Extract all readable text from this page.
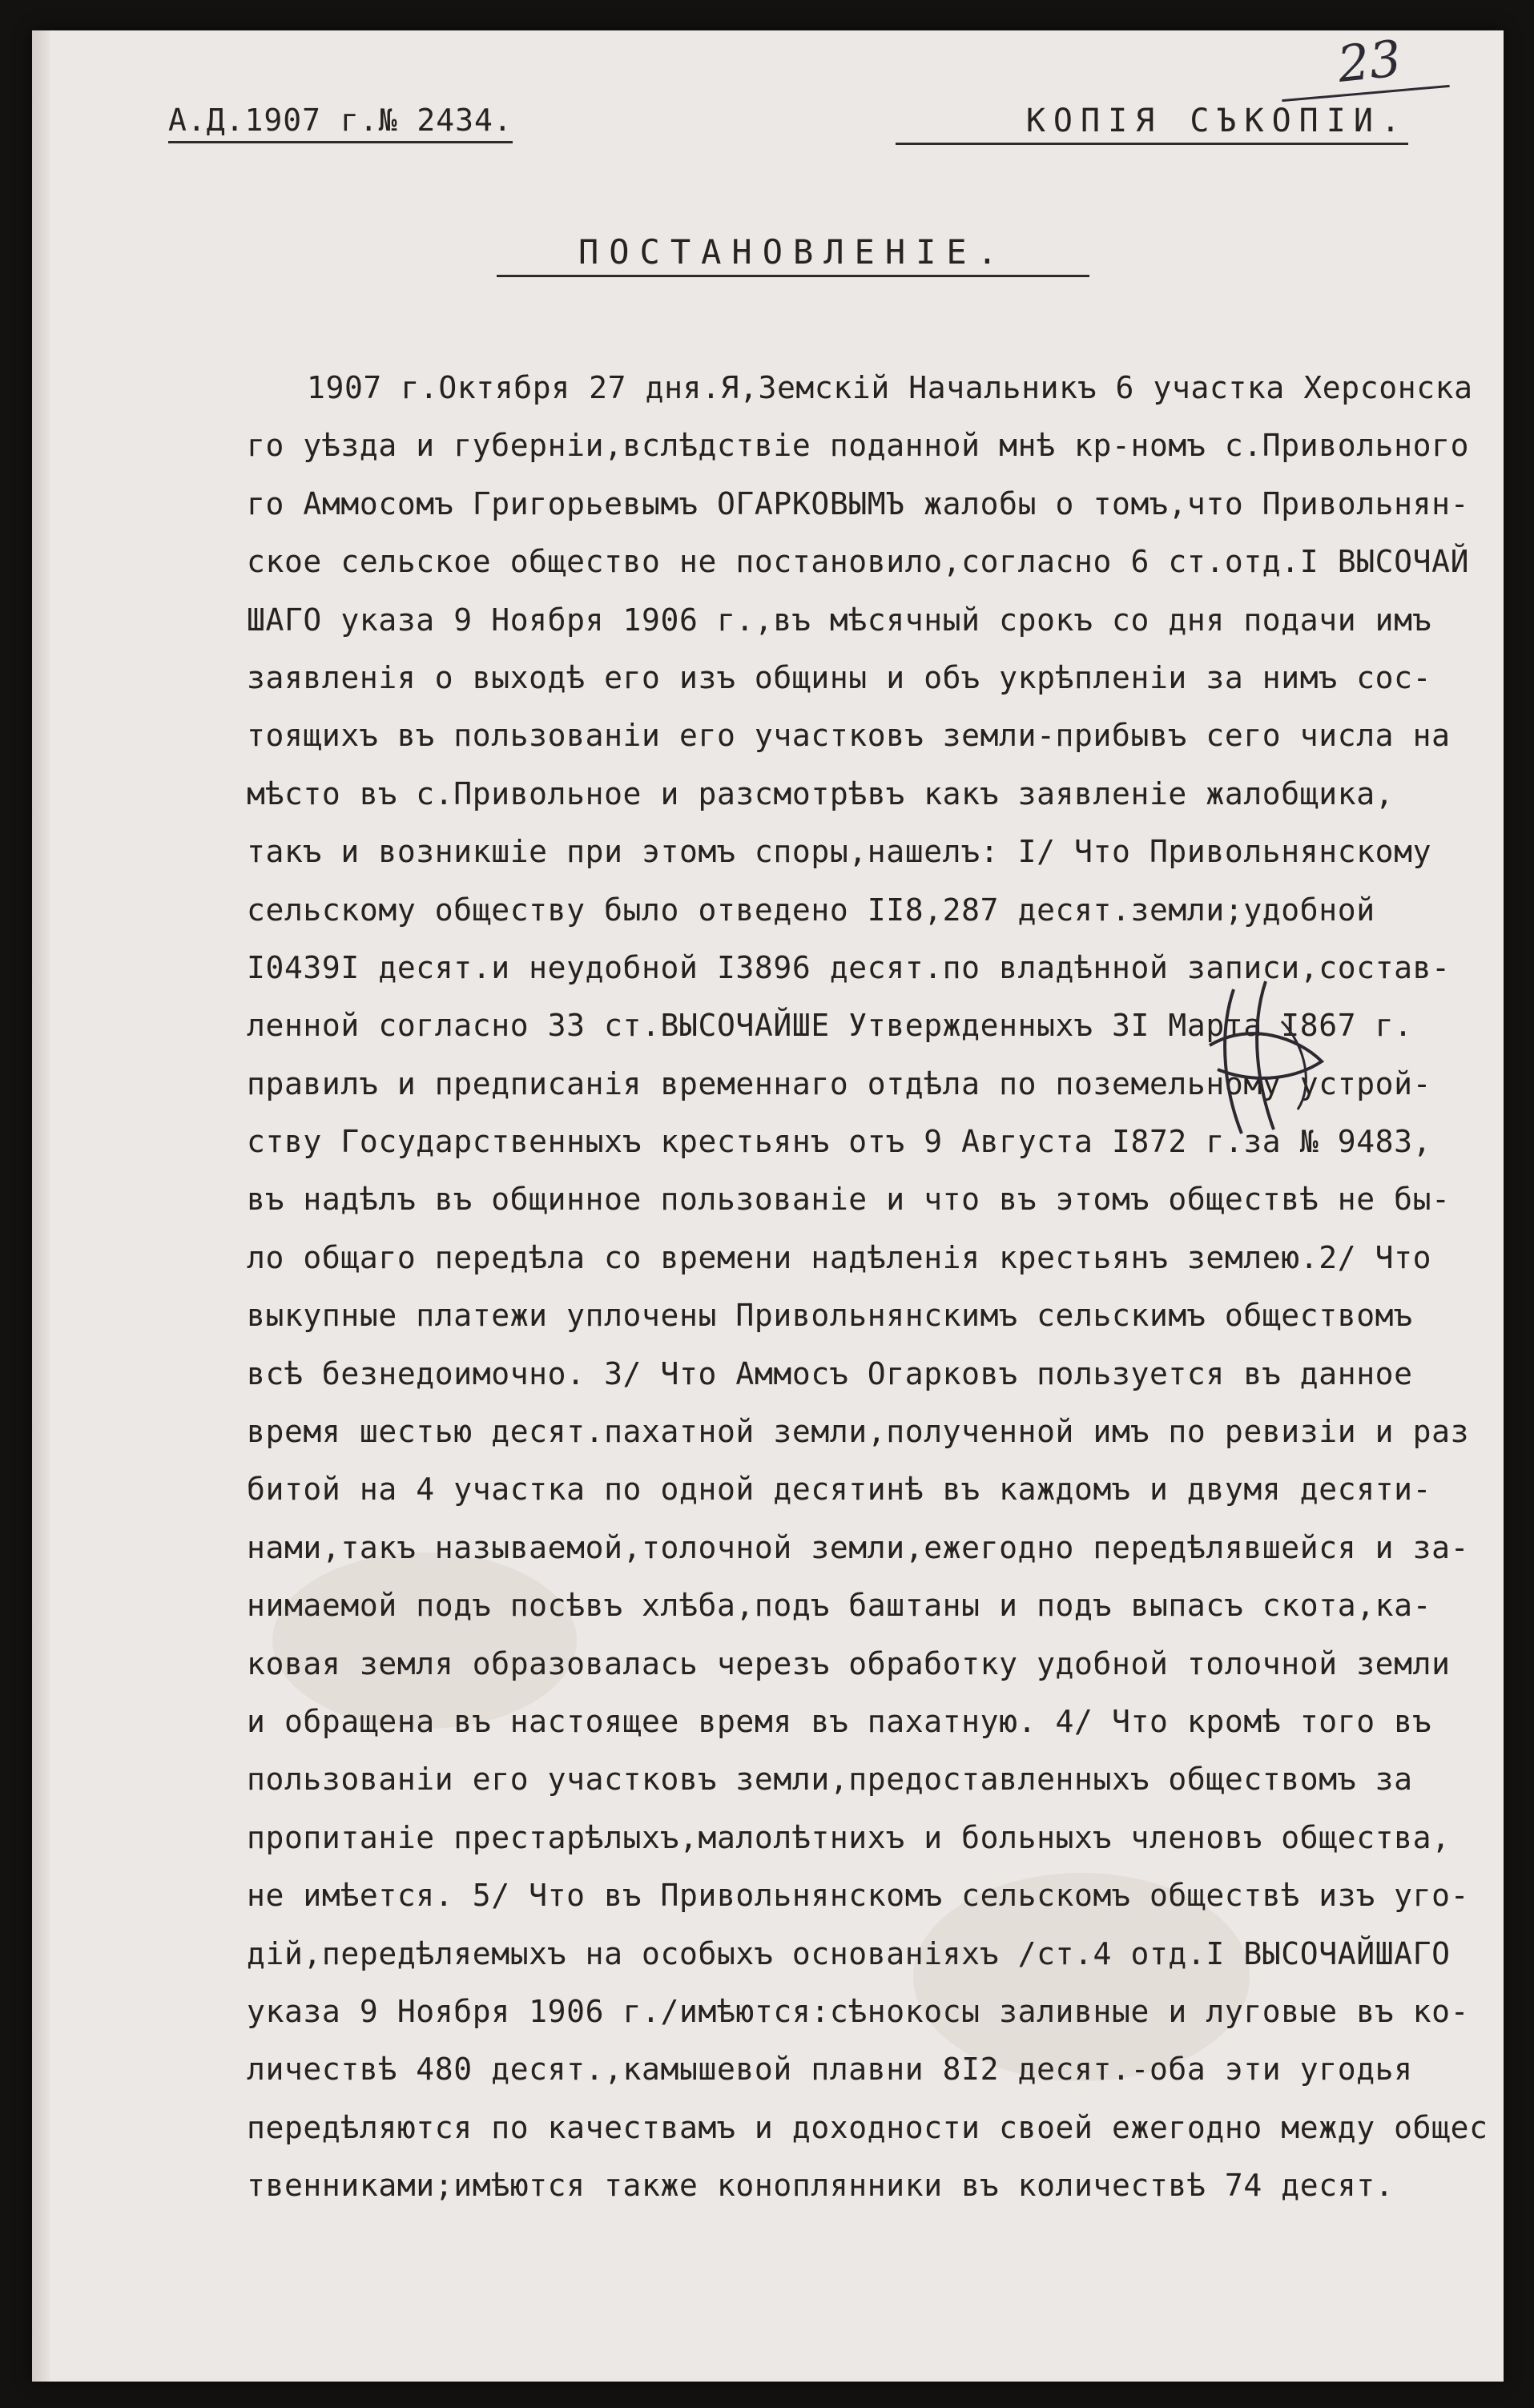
А.Д.1907 г.№ 2434.	КОПІЯ СЪКОПІИ.
23
ПОСТАНОВЛЕНІЕ.
1907 г.Октября 27 дня.Я,Земскій Начальникъ 6 участка Херсонска
го уѣзда и губерніи,вслѣдствіе поданной мнѣ кр-номъ с.Привольного
го Аммосомъ Григорьевымъ ОГАРКОВЫМЪ жалобы о томъ,что Привольнян-
ское сельское общество не постановило,согласно 6 ст.отд.I ВЫСОЧАЙ
ШАГО указа 9 Ноября 1906 г.,въ мѣсячный срокъ со дня подачи имъ
заявленія о выходѣ его изъ общины и объ укрѣпленіи за нимъ сос-
тоящихъ въ пользованіи его участковъ земли-прибывъ сего числа на
мѣсто въ с.Привольное и разсмотрѣвъ какъ заявленіе жалобщика,
такъ и возникшіе при этомъ споры,нашелъ: I/ Что Привольнянскому
сельскому обществу было отведено II8,287 десят.земли;удобной
I0439I десят.и неудобной I3896 десят.по владѣнной записи,состав-
ленной согласно 33 ст.ВЫСОЧАЙШЕ Утвержденныхъ 3I Марта I867 г.
правилъ и предписанія временнаго отдѣла по поземельному устрой-
ству Государственныхъ крестьянъ отъ 9 Августа I872 г.за № 9483,
въ надѣлъ въ общинное пользованіе и что въ этомъ обществѣ не бы-
ло общаго передѣла со времени надѣленія крестьянъ землею.2/ Что
выкупные платежи уплочены Привольнянскимъ сельскимъ обществомъ
всѣ безнедоимочно. 3/ Что Аммосъ Огарковъ пользуется въ данное
время шестью десят.пахатной земли,полученной имъ по ревизіи и раз
битой на 4 участка по одной десятинѣ въ каждомъ и двумя десяти-
нами,такъ называемой,толочной земли,ежегодно передѣлявшейся и за-
нимаемой подъ посѣвъ хлѣба,подъ баштаны и подъ выпасъ скота,ка-
ковая земля образовалась черезъ обработку удобной толочной земли
и обращена въ настоящее время въ пахатную. 4/ Что кромѣ того въ
пользованіи его участковъ земли,предоставленныхъ обществомъ за
пропитаніе престарѣлыхъ,малолѣтнихъ и больныхъ членовъ общества,
не имѣется. 5/ Что въ Привольнянскомъ сельскомъ обществѣ изъ уго-
дій,передѣляемыхъ на особыхъ основаніяхъ /ст.4 отд.I ВЫСОЧАЙШАГО
указа 9 Ноября 1906 г./имѣются:сѣнокосы заливные и луговые въ ко-
личествѣ 480 десят.,камышевой плавни 8I2 десят.-оба эти угодья
передѣляются по качествамъ и доходности своей ежегодно между общес
твенниками;имѣются также коноплянники въ количествѣ 74 десят.
